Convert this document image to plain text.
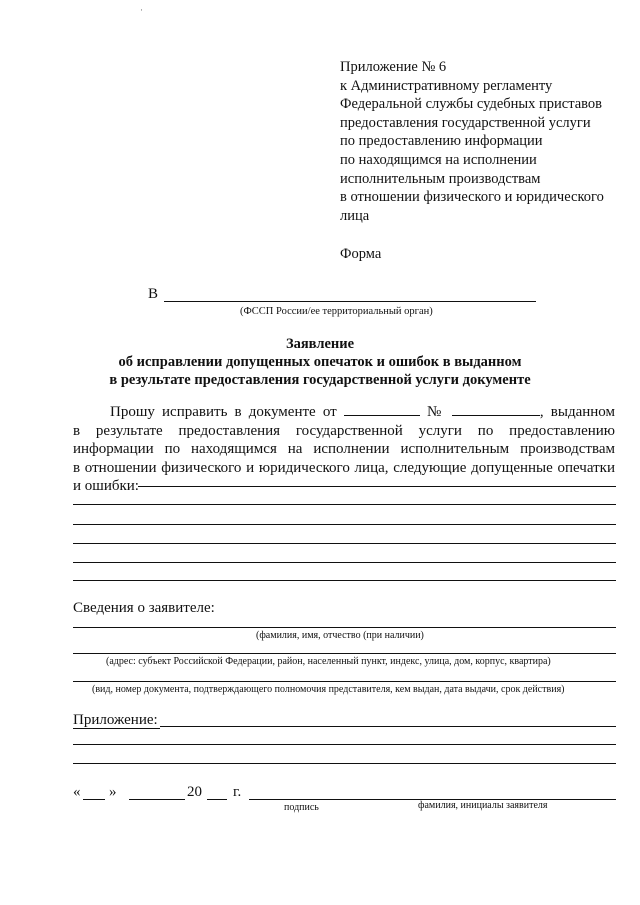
·
Приложение № 6
к Административному регламенту
Федеральной службы судебных приставов
предоставления государственной услуги
по предоставлению информации
по находящимся на исполнении
исполнительным производствам
в отношении физического и юридического
лица
Форма
В
(ФССП России/ее территориальный орган)
Заявление
об исправлении допущенных опечаток и ошибок в выданном
в результате предоставления государственной услуги документе
Прошу исправить в документе от	№	, выданном
в результате предоставления государственной услуги по предоставлению
информации по находящимся на исполнении исполнительным производствам
в отношении физического и юридического лица, следующие допущенные опечатки
и ошибки:
Сведения о заявителе:
(фамилия, имя, отчество (при наличии)
(адрес: субъект Российской Федерации, район, населенный пункт, индекс, улица, дом, корпус, квартира)
(вид, номер документа, подтверждающего полномочия представителя, кем выдан, дата выдачи, срок действия)
Приложение:
« »	20 г.
подпись	фамилия, инициалы заявителя
